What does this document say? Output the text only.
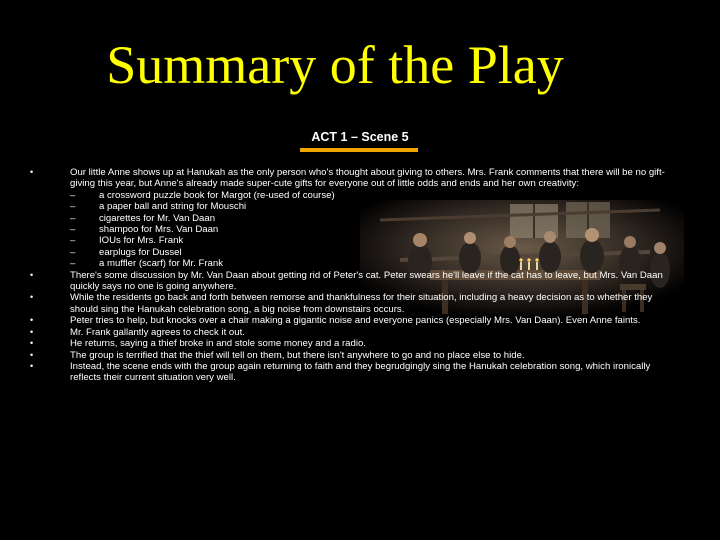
Summary of the Play
ACT 1 – Scene 5
•	Our little Anne shows up at Hanukah as the only person who's thought about giving to others. Mrs. Frank comments that there will be no gift-giving this year, but Anne's already made super-cute gifts for everyone out of little odds and ends and her own creativity:
– a crossword puzzle book for Margot (re-used of course)
– a paper ball and string for Mouschi
– cigarettes for Mr. Van Daan
– shampoo for Mrs. Van Daan
– IOUs for Mrs. Frank
– earplugs for Dussel
– a muffler (scarf) for Mr. Frank
•	There's some discussion by Mr. Van Daan about getting rid of Peter's cat. Peter swears he'll leave if the cat has to leave, but Mrs. Van Daan quickly says no one is going anywhere.
•	While the residents go back and forth between remorse and thankfulness for their situation, including a heavy decision as to whether they should sing the Hanukah celebration song, a big noise from downstairs occurs.
•	Peter tries to help, but knocks over a chair making a gigantic noise and everyone panics (especially Mrs. Van Daan). Even Anne faints.
•	Mr. Frank gallantly agrees to check it out.
•	He returns, saying a thief broke in and stole some money and a radio.
•	The group is terrified that the thief will tell on them, but there isn't anywhere to go and no place else to hide.
•	Instead, the scene ends with the group again returning to faith and they begrudgingly sing the Hanukah celebration song, which ironically reflects their current situation very well.
